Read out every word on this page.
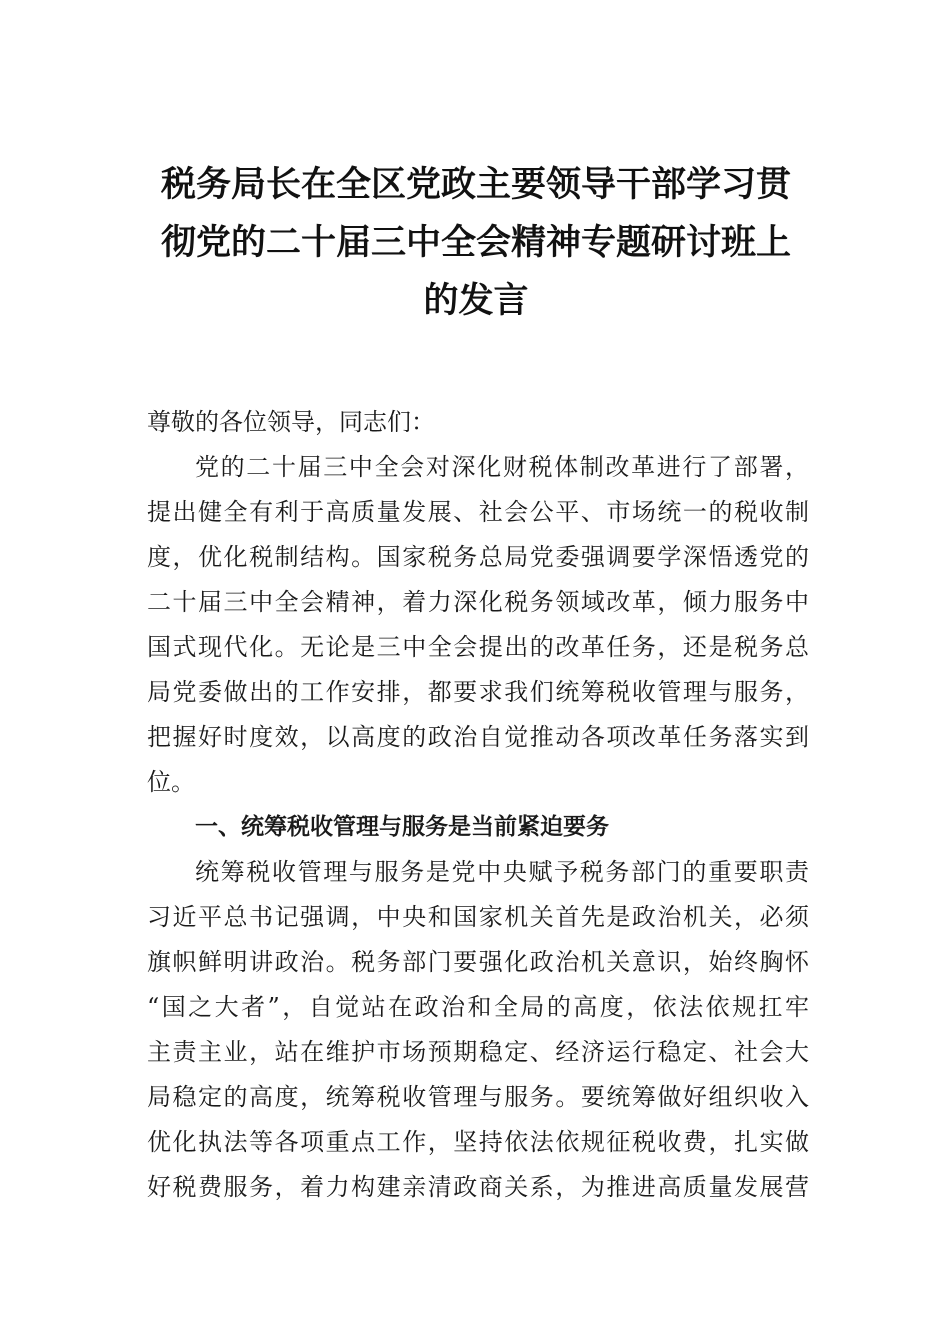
税务局长在全区党政主要领导干部学习贯
彻党的二十届三中全会精神专题研讨班上
的发言
尊敬的各位领导，同志们：
党的二十届三中全会对深化财税体制改革进行了部署，
提出健全有利于高质量发展、社会公平、市场统一的税收制
度，优化税制结构。国家税务总局党委强调要学深悟透党的
二十届三中全会精神，着力深化税务领域改革，倾力服务中
国式现代化。无论是三中全会提出的改革任务，还是税务总
局党委做出的工作安排，都要求我们统筹税收管理与服务，
把握好时度效，以高度的政治自觉推动各项改革任务落实到
位。
一、统筹税收管理与服务是当前紧迫要务
统筹税收管理与服务是党中央赋予税务部门的重要职责
习近平总书记强调，中央和国家机关首先是政治机关，必须
旗帜鲜明讲政治。税务部门要强化政治机关意识，始终胸怀
“国之大者”，自觉站在政治和全局的高度，依法依规扛牢
主责主业，站在维护市场预期稳定、经济运行稳定、社会大
局稳定的高度，统筹税收管理与服务。要统筹做好组织收入
优化执法等各项重点工作，坚持依法依规征税收费，扎实做
好税费服务，着力构建亲清政商关系，为推进高质量发展营
